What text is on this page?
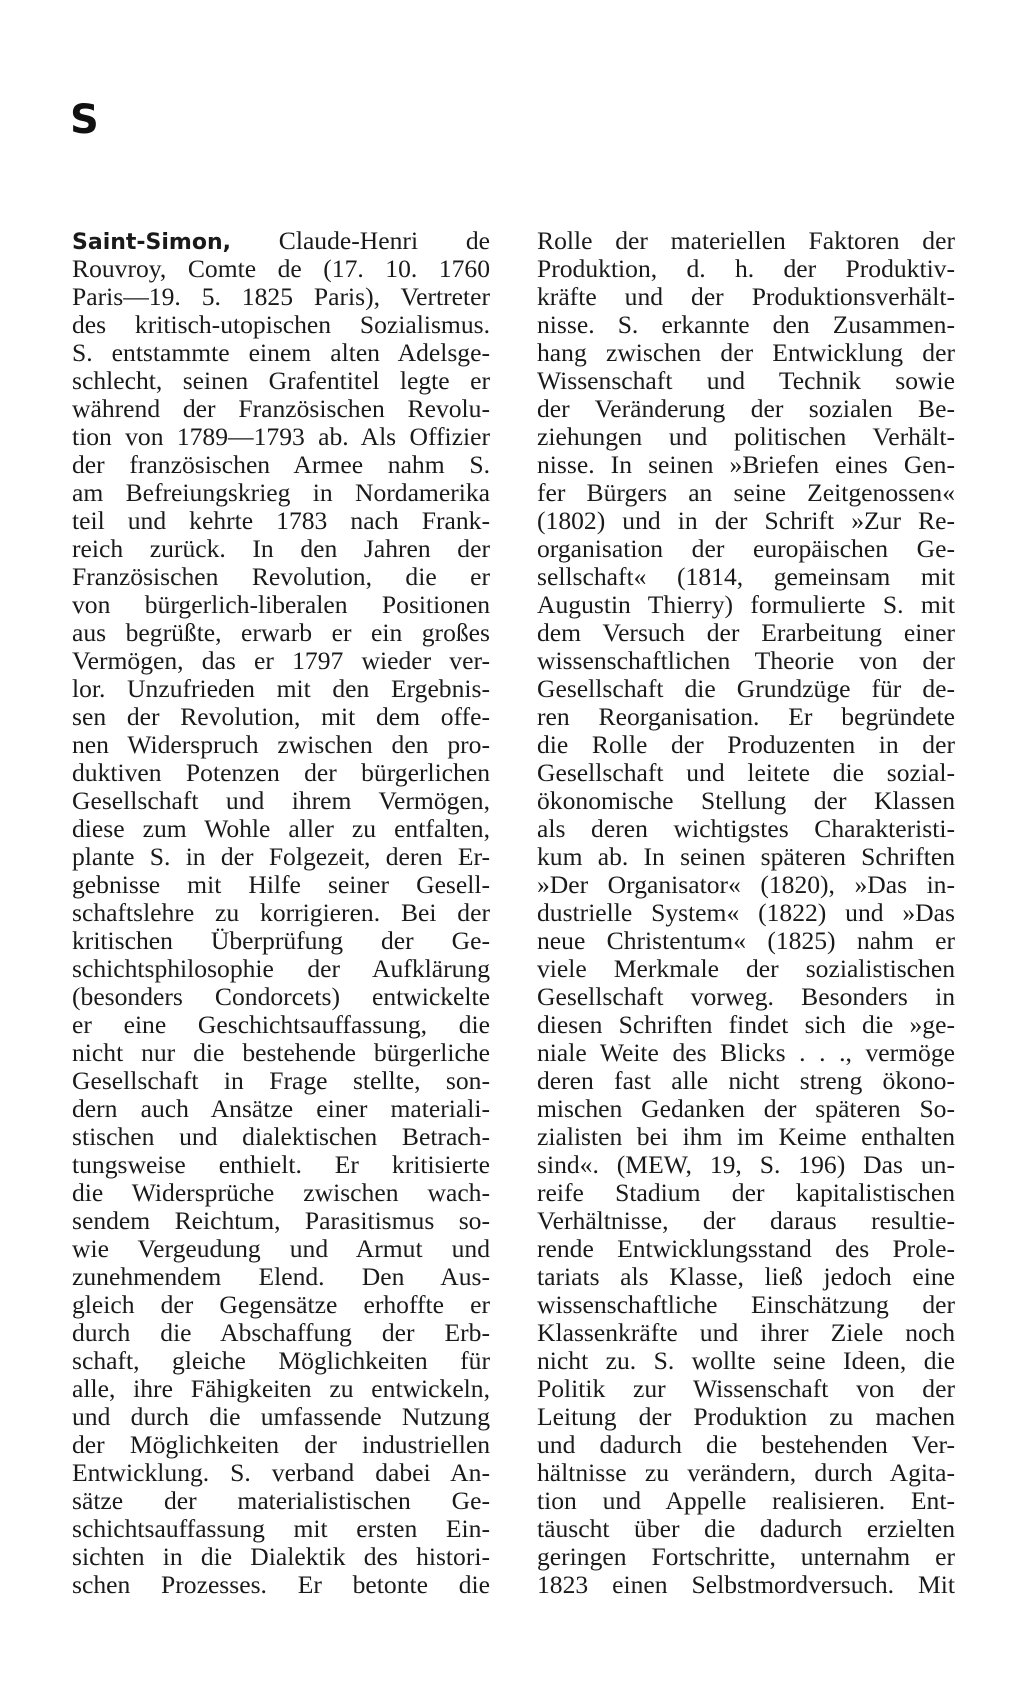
S
Saint-Simon, Claude-Henri de
Rouvroy, Comte de (17. 10. 1760
Paris—19. 5. 1825 Paris), Vertreter
des kritisch-utopischen Sozialismus.
S. entstammte einem alten Adelsge-
schlecht, seinen Grafentitel legte er
während der Französischen Revolu-
tion von 1789—1793 ab. Als Offizier
der französischen Armee nahm S.
am Befreiungskrieg in Nordamerika
teil und kehrte 1783 nach Frank-
reich zurück. In den Jahren der
Französischen Revolution, die er
von bürgerlich-liberalen Positionen
aus begrüßte, erwarb er ein großes
Vermögen, das er 1797 wieder ver-
lor. Unzufrieden mit den Ergebnis-
sen der Revolution, mit dem offe-
nen Widerspruch zwischen den pro-
duktiven Potenzen der bürgerlichen
Gesellschaft und ihrem Vermögen,
diese zum Wohle aller zu entfalten,
plante S. in der Folgezeit, deren Er-
gebnisse mit Hilfe seiner Gesell-
schaftslehre zu korrigieren. Bei der
kritischen Überprüfung der Ge-
schichtsphilosophie der Aufklärung
(besonders Condorcets) entwickelte
er eine Geschichtsauffassung, die
nicht nur die bestehende bürgerliche
Gesellschaft in Frage stellte, son-
dern auch Ansätze einer materiali-
stischen und dialektischen Betrach-
tungsweise enthielt. Er kritisierte
die Widersprüche zwischen wach-
sendem Reichtum, Parasitismus so-
wie Vergeudung und Armut und
zunehmendem Elend. Den Aus-
gleich der Gegensätze erhoffte er
durch die Abschaffung der Erb-
schaft, gleiche Möglichkeiten für
alle, ihre Fähigkeiten zu entwickeln,
und durch die umfassende Nutzung
der Möglichkeiten der industriellen
Entwicklung. S. verband dabei An-
sätze der materialistischen Ge-
schichtsauffassung mit ersten Ein-
sichten in die Dialektik des histori-
schen Prozesses. Er betonte die
Rolle der materiellen Faktoren der
Produktion, d. h. der Produktiv-
kräfte und der Produktionsverhält-
nisse. S. erkannte den Zusammen-
hang zwischen der Entwicklung der
Wissenschaft und Technik sowie
der Veränderung der sozialen Be-
ziehungen und politischen Verhält-
nisse. In seinen »Briefen eines Gen-
fer Bürgers an seine Zeitgenossen«
(1802) und in der Schrift »Zur Re-
organisation der europäischen Ge-
sellschaft« (1814, gemeinsam mit
Augustin Thierry) formulierte S. mit
dem Versuch der Erarbeitung einer
wissenschaftlichen Theorie von der
Gesellschaft die Grundzüge für de-
ren Reorganisation. Er begründete
die Rolle der Produzenten in der
Gesellschaft und leitete die sozial-
ökonomische Stellung der Klassen
als deren wichtigstes Charakteristi-
kum ab. In seinen späteren Schriften
»Der Organisator« (1820), »Das in-
dustrielle System« (1822) und »Das
neue Christentum« (1825) nahm er
viele Merkmale der sozialistischen
Gesellschaft vorweg. Besonders in
diesen Schriften findet sich die »ge-
niale Weite des Blicks . . ., vermöge
deren fast alle nicht streng ökono-
mischen Gedanken der späteren So-
zialisten bei ihm im Keime enthalten
sind«. (MEW, 19, S. 196) Das un-
reife Stadium der kapitalistischen
Verhältnisse, der daraus resultie-
rende Entwicklungsstand des Prole-
tariats als Klasse, ließ jedoch eine
wissenschaftliche Einschätzung der
Klassenkräfte und ihrer Ziele noch
nicht zu. S. wollte seine Ideen, die
Politik zur Wissenschaft von der
Leitung der Produktion zu machen
und dadurch die bestehenden Ver-
hältnisse zu verändern, durch Agita-
tion und Appelle realisieren. Ent-
täuscht über die dadurch erzielten
geringen Fortschritte, unternahm er
1823 einen Selbstmordversuch. Mit
